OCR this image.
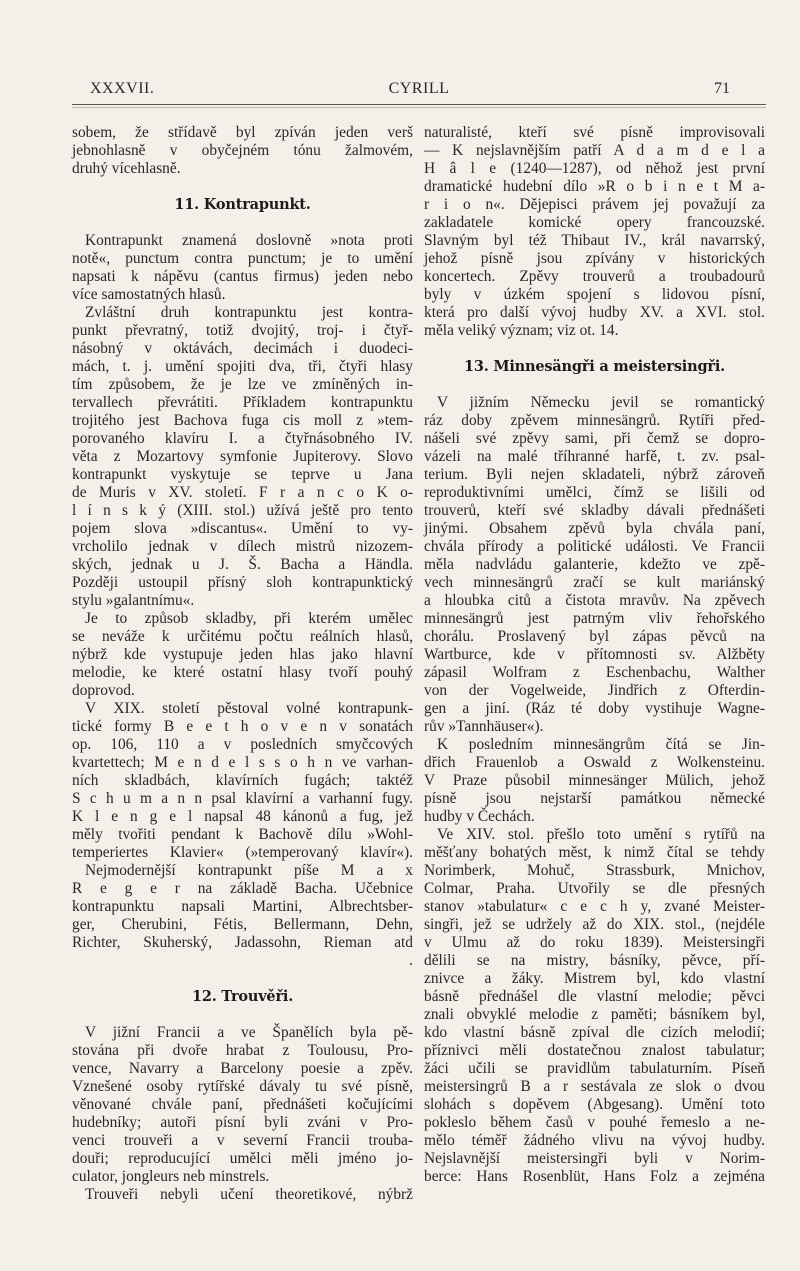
XXXVII.	CYRILL	71
sobem, že střídavě byl zpíván jeden verš
jebnohlasně v obyčejném tónu žalmovém,
druhý vícehlasně.
11. Kontrapunkt.
Kontrapunkt znamená doslovně »nota proti
notě«, punctum contra punctum; je to umění
napsati k nápěvu (cantus firmus) jeden nebo
více samostatných hlasů.
Zvláštní druh kontrapunktu jest kontra-
punkt převratný, totiž dvojitý, troj- i čtyř-
násobný v oktávách, decimách i duodeci-
mách, t. j. umění spojiti dva, tři, čtyři hlasy
tím způsobem, že je lze ve zmíněných in-
tervallech převrátiti. Příkladem kontrapunktu
trojitého jest Bachova fuga cis moll z »tem-
porovaného klavíru I. a čtyřnásobného IV.
věta z Mozartovy symfonie Jupiterovy. Slovo
kontrapunkt vyskytuje se teprve u Jana
de Muris v XV. století. F r a n c o K o-
l í n s k ý (XIII. stol.) užívá ještě pro tento
pojem slova »discantus«. Umění to vy-
vrcholilo jednak v dílech mistrů nizozem-
ských, jednak u J. Š. Bacha a Händla.
Později ustoupil přísný sloh kontrapunktický
stylu »galantnímu«.
Je to způsob skladby, při kterém umělec
se neváže k určitému počtu reálních hlasů,
nýbrž kde vystupuje jeden hlas jako hlavní
melodie, ke které ostatní hlasy tvoří pouhý
doprovod.
V XIX. století pěstoval volné kontrapunk-
tické formy B e e t h o v e n v sonatách
op. 106, 110 a v posledních smyčcových
kvartettech; M e n d e l s s o h n ve varhan-
ních skladbách, klavírních fugách; taktéž
S c h u m a n n psal klavírní a varhanní fugy.
K l e n g e l napsal 48 kánonů a fug, jež
měly tvořiti pendant k Bachově dílu »Wohl-
temperiertes Klavier« (»temperovaný klavír«).
Nejmodernější kontrapunkt píše M a x
R e g e r na základě Bacha. Učebnice
kontrapunktu napsali Martini, Albrechtsber-
ger, Cherubini, Fétis, Bellermann, Dehn,
Richter, Skuherský, Jadassohn, Rieman atd
.
12. Trouvěři.
V jižní Francii a ve Španělích byla pě-
stována při dvoře hrabat z Toulousu, Pro-
vence, Navarry a Barcelony poesie a zpěv.
Vznešené osoby rytířské dávaly tu své písně,
věnované chvále paní, přednášeti kočujícími
hudebníky; autoři písní byli zváni v Pro-
venci trouveři a v severní Francii trouba-
douři; reproducující umělci měli jméno jo-
culator, jongleurs neb minstrels.
Trouveři nebyli učení theoretikové, nýbrž
naturalisté, kteří své písně improvisovali
— K nejslavnějším patří A d a m d e l a
H â l e (1240—1287), od něhož jest první
dramatické hudební dílo »R o b i n e t M a-
r i o n«. Dějepisci právem jej považují za
zakladatele komické opery francouzské.
Slavným byl též Thibaut IV., král navarrský,
jehož písně jsou zpívány v historických
koncertech. Zpěvy trouverů a troubadourů
byly v úzkém spojení s lidovou písní,
která pro další vývoj hudby XV. a XVI. stol.
měla veliký význam; viz ot. 14.
13. Minnesängři a meistersingři.
V jižním Německu jevil se romantický
ráz doby zpěvem minnesängrů. Rytíři před-
nášeli své zpěvy sami, při čemž se dopro-
vázeli na malé tříhranné harfě, t. zv. psal-
terium. Byli nejen skladateli, nýbrž zároveň
reproduktivními umělci, čímž se lišili od
trouverů, kteří své skladby dávali přednášeti
jinými. Obsahem zpěvů byla chvála paní,
chvála přírody a politické události. Ve Francii
měla nadvládu galanterie, kdežto ve zpě-
vech minnesängrů zračí se kult mariánský
a hloubka citů a čistota mravův. Na zpěvech
minnesängrů jest patrným vliv řehořského
chorálu. Proslavený byl zápas pěvců na
Wartburce, kde v přítomnosti sv. Alžběty
zápasil Wolfram z Eschenbachu, Walther
von der Vogelweide, Jindřich z Ofterdin-
gen a jiní. (Ráz té doby vystihuje Wagne-
rův »Tannhäuser«).
K posledním minnesängrům čítá se Jin-
dřich Frauenlob a Oswald z Wolkensteinu.
V Praze působil minnesänger Mülich, jehož
písně jsou nejstarší památkou německé
hudby v Čechách.
Ve XIV. stol. přešlo toto umění s rytířů na
měšťany bohatých měst, k nimž čítal se tehdy
Norimberk, Mohuč, Strassburk, Mnichov,
Colmar, Praha. Utvořily se dle přesných
stanov »tabulatur« c e c h y, zvané Meister-
singři, jež se udržely až do XIX. stol., (nejdéle
v Ulmu až do roku 1839). Meistersingři
dělili se na mistry, básníky, pěvce, pří-
znivce a žáky. Mistrem byl, kdo vlastní
básně přednášel dle vlastní melodie; pěvci
znali obvyklé melodie z paměti; básníkem byl,
kdo vlastní básně zpíval dle cizích melodií;
příznivci měli dostatečnou znalost tabulatur;
žáci učili se pravidlům tabulaturním. Píseň
meistersingrů B a r sestávala ze slok o dvou
slohách s dopěvem (Abgesang). Umění toto
pokleslo během časů v pouhé řemeslo a ne-
mělo téměř žádného vlivu na vývoj hudby.
Nejslavnější meistersingři byli v Norim-
berce: Hans Rosenblüt, Hans Folz a zejména
